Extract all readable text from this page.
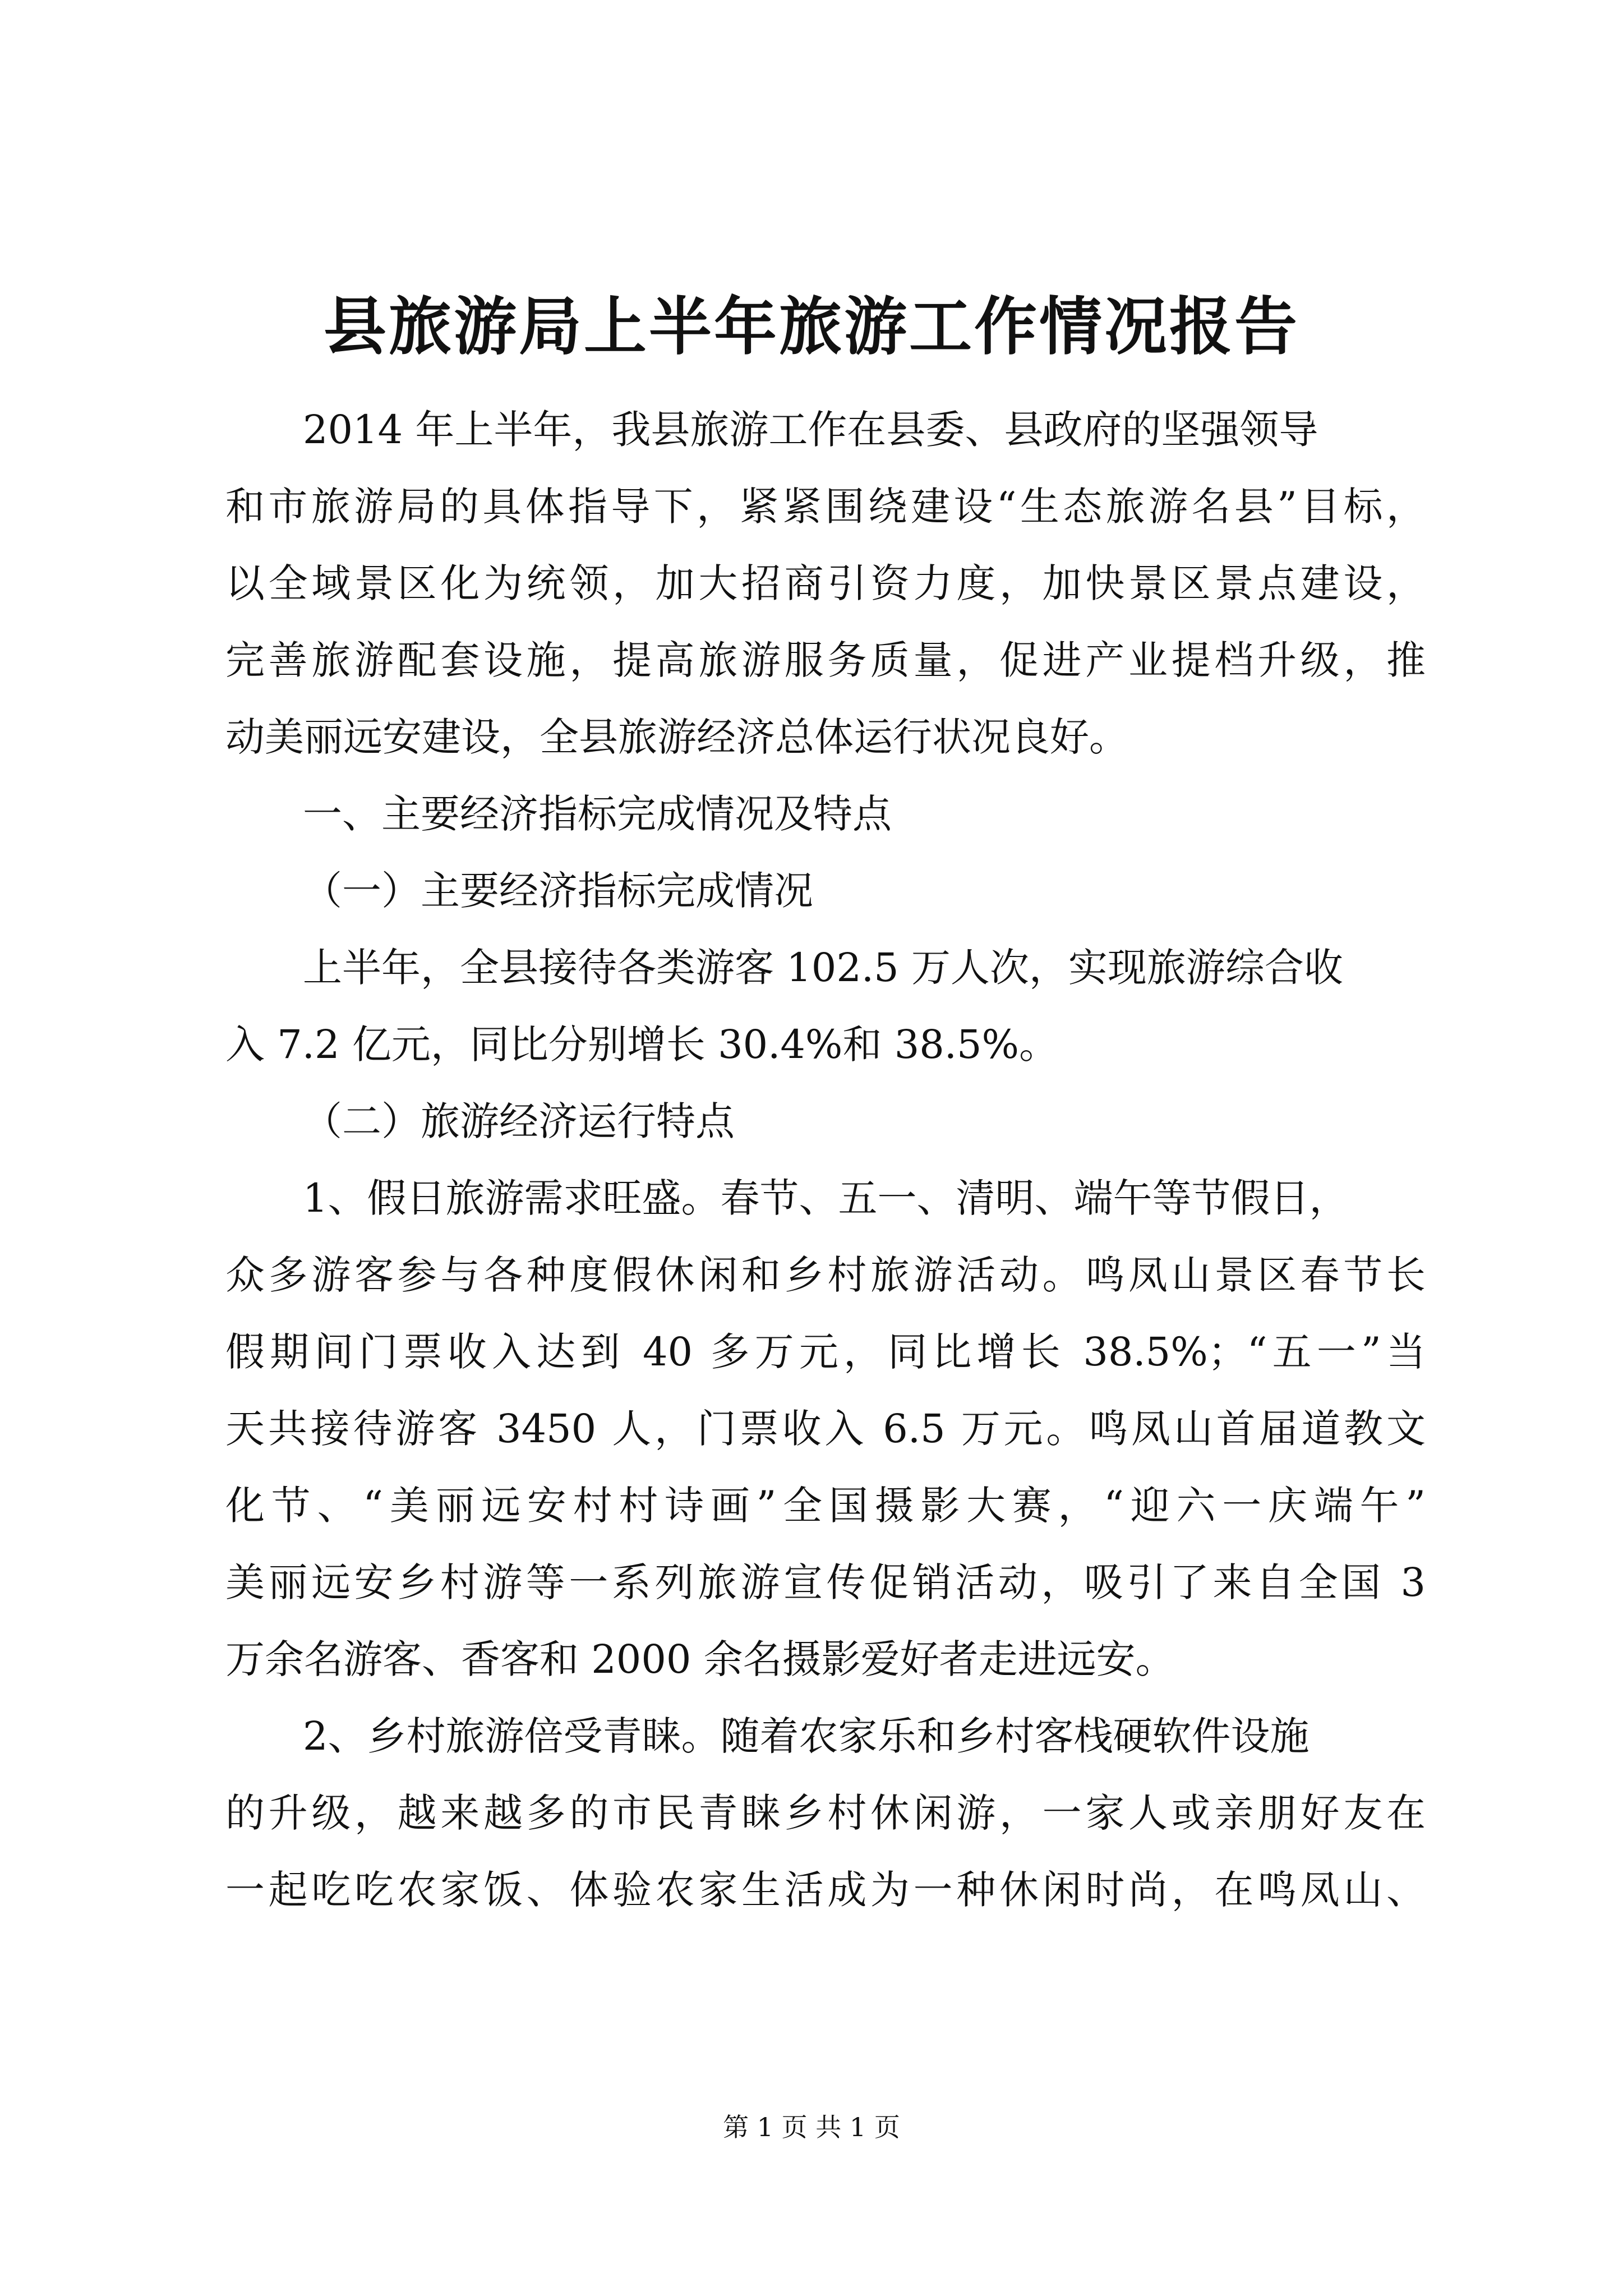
县旅游局上半年旅游工作情况报告

2014 年上半年，我县旅游工作在县委、县政府的坚强领导

和市旅游局的具体指导下，紧紧围绕建设“生态旅游名县”目标，

以全域景区化为统领，加大招商引资力度，加快景区景点建设，

完善旅游配套设施，提高旅游服务质量，促进产业提档升级，推

动美丽远安建设，全县旅游经济总体运行状况良好。

一、主要经济指标完成情况及特点

（一）主要经济指标完成情况

上半年，全县接待各类游客 102.5 万人次，实现旅游综合收

入 7.2 亿元，同比分别增长 30.4%和 38.5%。

（二）旅游经济运行特点

1、假日旅游需求旺盛。春节、五一、清明、端午等节假日，

众多游客参与各种度假休闲和乡村旅游活动。鸣凤山景区春节长

假期间门票收入达到 40 多万元，同比增长 38.5%；“五一”当

天共接待游客 3450 人，门票收入 6.5 万元。鸣凤山首届道教文

化节、“美丽远安村村诗画”全国摄影大赛，“迎六一庆端午”

美丽远安乡村游等一系列旅游宣传促销活动，吸引了来自全国 3

万余名游客、香客和 2000 余名摄影爱好者走进远安。

2、乡村旅游倍受青睐。随着农家乐和乡村客栈硬软件设施

的升级，越来越多的市民青睐乡村休闲游，一家人或亲朋好友在

一起吃吃农家饭、体验农家生活成为一种休闲时尚，在鸣凤山、

第 1 页 共 1 页
